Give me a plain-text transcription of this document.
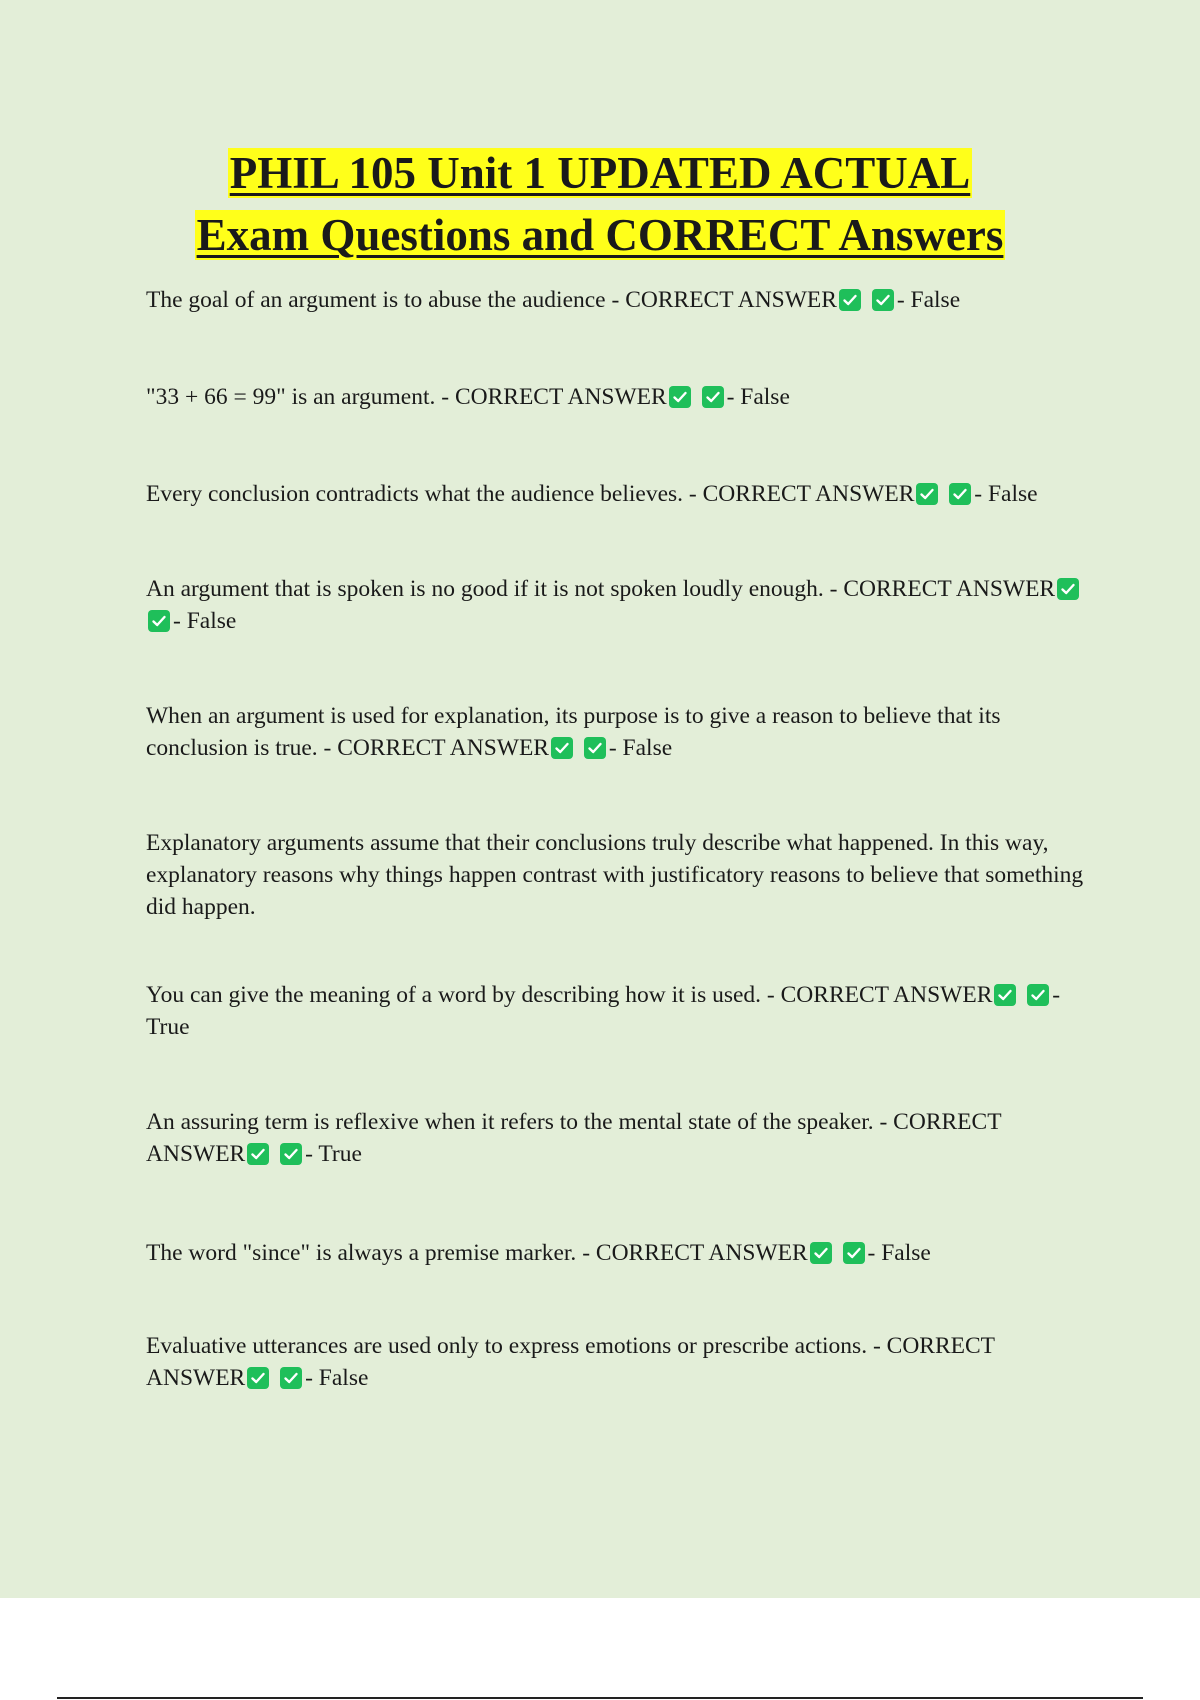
PHIL 105 Unit 1 UPDATED ACTUAL
Exam Questions and CORRECT Answers
The goal of an argument is to abuse the audience - CORRECT ANSWER
	- False
"33 + 66 = 99" is an argument. - CORRECT ANSWER
	- False
Every conclusion contradicts what the audience believes. - CORRECT ANSWER
	- False
An argument that is spoken is no good if it is not spoken loudly enough. - CORRECT ANSWER

- False
When an argument is used for explanation, its purpose is to give a reason to believe that its conclusion is true. - CORRECT ANSWER
	- False
Explanatory arguments assume that their conclusions truly describe what happened. In this way, explanatory reasons why things happen contrast with justificatory reasons to believe that something did happen.
You can give the meaning of a word by describing how it is used. - CORRECT ANSWER
	- True
An assuring term is reflexive when it refers to the mental state of the speaker. - CORRECT ANSWER
	- True
The word "since" is always a premise marker. - CORRECT ANSWER
	- False
Evaluative utterances are used only to express emotions or prescribe actions. - CORRECT ANSWER
	- False
